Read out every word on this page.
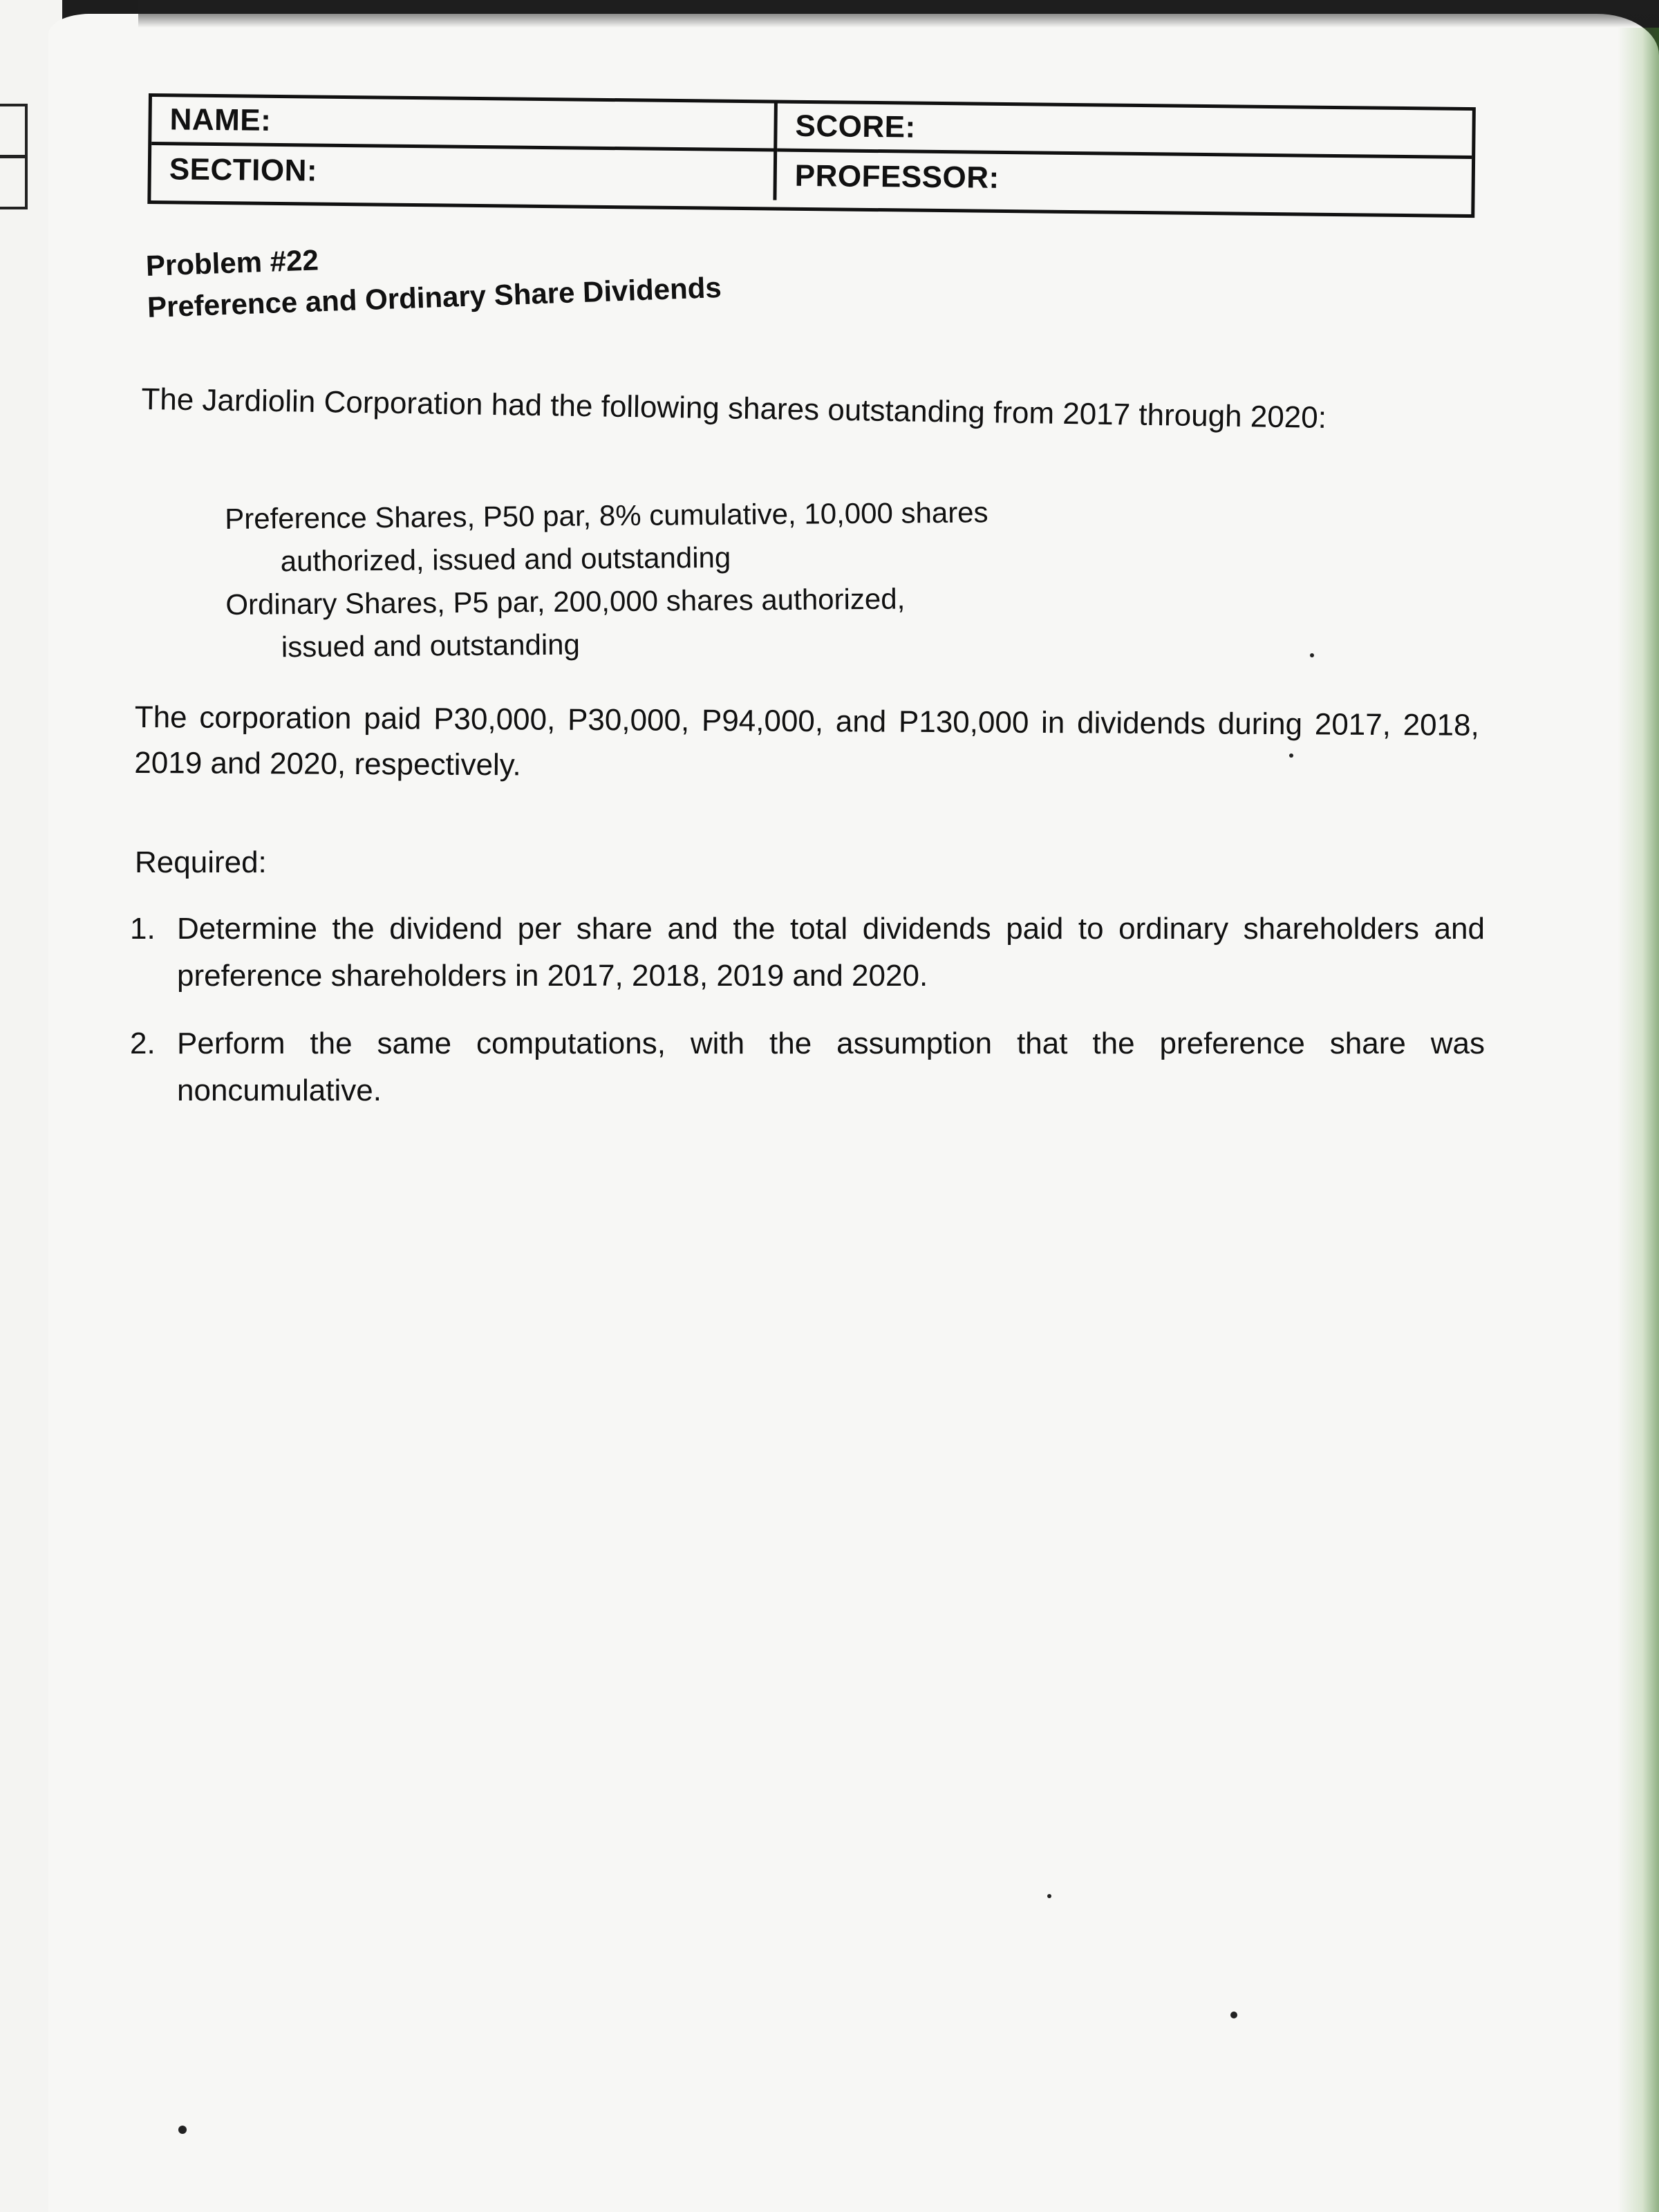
NAME:	SCORE:
SECTION:	PROFESSOR:
Problem #22
Preference and Ordinary Share Dividends
The Jardiolin Corporation had the following shares outstanding from 2017 through 2020:
Preference Shares, P50 par, 8% cumulative, 10,000 shares
authorized, issued and outstanding
Ordinary Shares, P5 par, 200,000 shares authorized,
issued and outstanding
The corporation paid P30,000, P30,000, P94,000, and P130,000 in dividends during 2017, 2018, 2019 and 2020, respectively.
Required:
1. Determine the dividend per share and the total dividends paid to ordinary shareholders and preference shareholders in 2017, 2018, 2019 and 2020.
2. Perform the same computations, with the assumption that the preference share was noncumulative.
